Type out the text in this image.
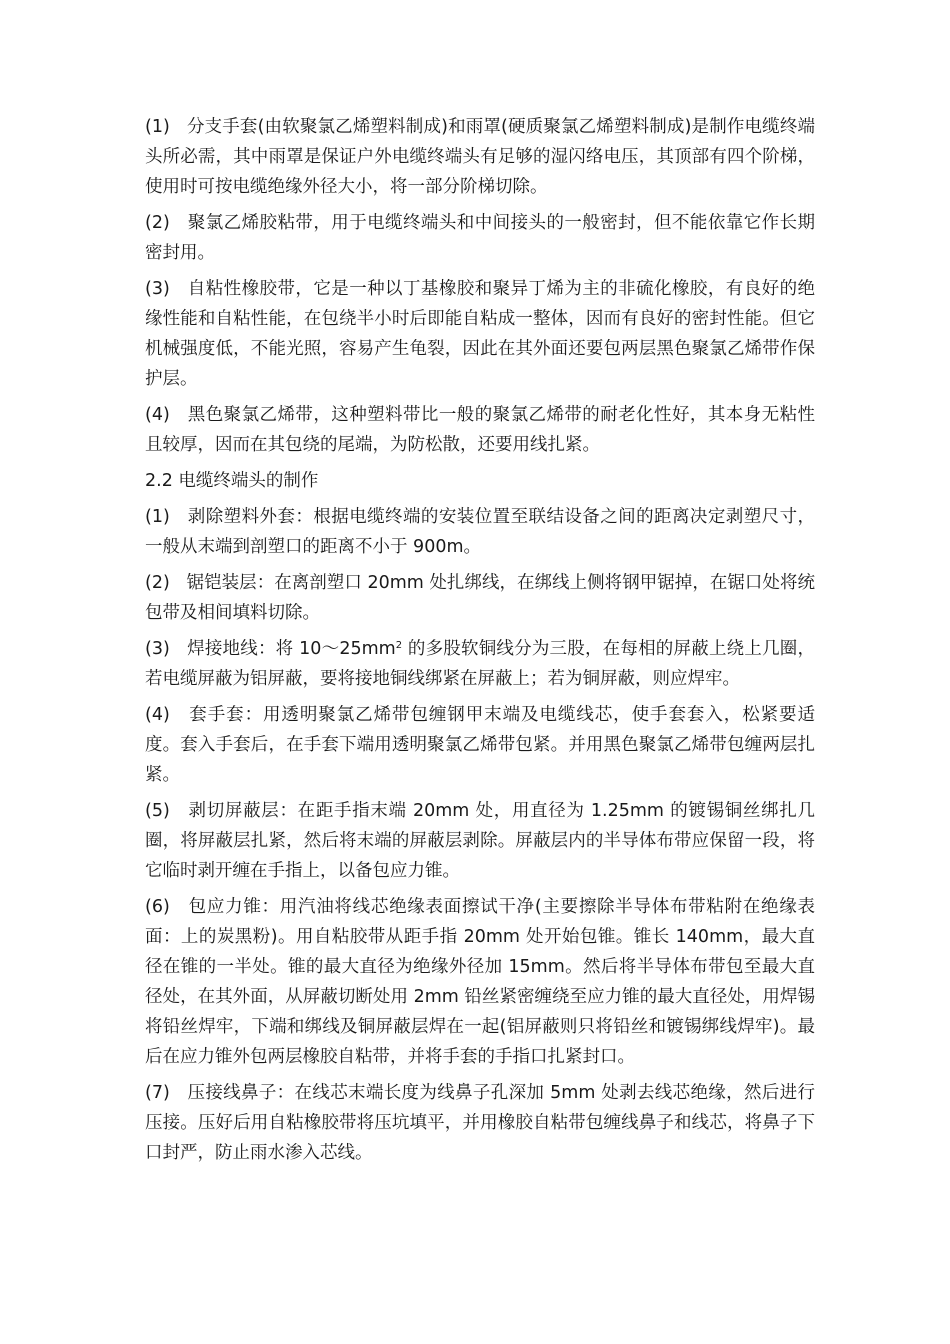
(1) 分支手套(由软聚氯乙烯塑料制成)和雨罩(硬质聚氯乙烯塑料制成)是制作电缆终端头所必需，其中雨罩是保证户外电缆终端头有足够的湿闪络电压，其顶部有四个阶梯，使用时可按电缆绝缘外径大小，将一部分阶梯切除。

(2) 聚氯乙烯胶粘带，用于电缆终端头和中间接头的一般密封，但不能依靠它作长期密封用。

(3) 自粘性橡胶带，它是一种以丁基橡胶和聚异丁烯为主的非硫化橡胶，有良好的绝缘性能和自粘性能，在包绕半小时后即能自粘成一整体，因而有良好的密封性能。但它机械强度低，不能光照，容易产生龟裂，因此在其外面还要包两层黑色聚氯乙烯带作保护层。

(4) 黑色聚氯乙烯带，这种塑料带比一般的聚氯乙烯带的耐老化性好，其本身无粘性且较厚，因而在其包绕的尾端，为防松散，还要用线扎紧。

2.2 电缆终端头的制作

(1) 剥除塑料外套：根据电缆终端的安装位置至联结设备之间的距离决定剥塑尺寸，一般从末端到剖塑口的距离不小于 900m。

(2) 锯铠装层：在离剖塑口 20mm 处扎绑线，在绑线上侧将钢甲锯掉，在锯口处将统包带及相间填料切除。

(3) 焊接地线：将 $10\sim 25mm^2$ 的多股软铜线分为三股，在每相的屏蔽上绕上几圈，若电缆屏蔽为铝屏蔽，要将接地铜线绑紧在屏蔽上；若为铜屏蔽，则应焊牢。

(4) 套手套：用透明聚氯乙烯带包缠钢甲末端及电缆线芯，使手套套入，松紧要适度。套入手套后，在手套下端用透明聚氯乙烯带包紧。并用黑色聚氯乙烯带包缠两层扎紧。

(5) 剥切屏蔽层：在距手指末端 20mm 处，用直径为 1.25mm 的镀锡铜丝绑扎几圈，将屏蔽层扎紧，然后将末端的屏蔽层剥除。屏蔽层内的半导体布带应保留一段，将它临时剥开缠在手指上，以备包应力锥。

(6) 包应力锥：用汽油将线芯绝缘表面擦试干净(主要擦除半导体布带粘附在绝缘表面：上的炭黑粉)。用自粘胶带从距手指 20mm 处开始包锥。锥长 140mm，最大直径在锥的一半处。锥的最大直径为绝缘外径加 15mm。然后将半导体布带包至最大直径处，在其外面，从屏蔽切断处用 2mm 铅丝紧密缠绕至应力锥的最大直径处，用焊锡将铅丝焊牢，下端和绑线及铜屏蔽层焊在一起(铝屏蔽则只将铅丝和镀锡绑线焊牢)。最后在应力锥外包两层橡胶自粘带，并将手套的手指口扎紧封口。

(7) 压接线鼻子：在线芯末端长度为线鼻子孔深加 5mm 处剥去线芯绝缘，然后进行压接。压好后用自粘橡胶带将压坑填平，并用橡胶自粘带包缠线鼻子和线芯，将鼻子下口封严，防止雨水渗入芯线。
